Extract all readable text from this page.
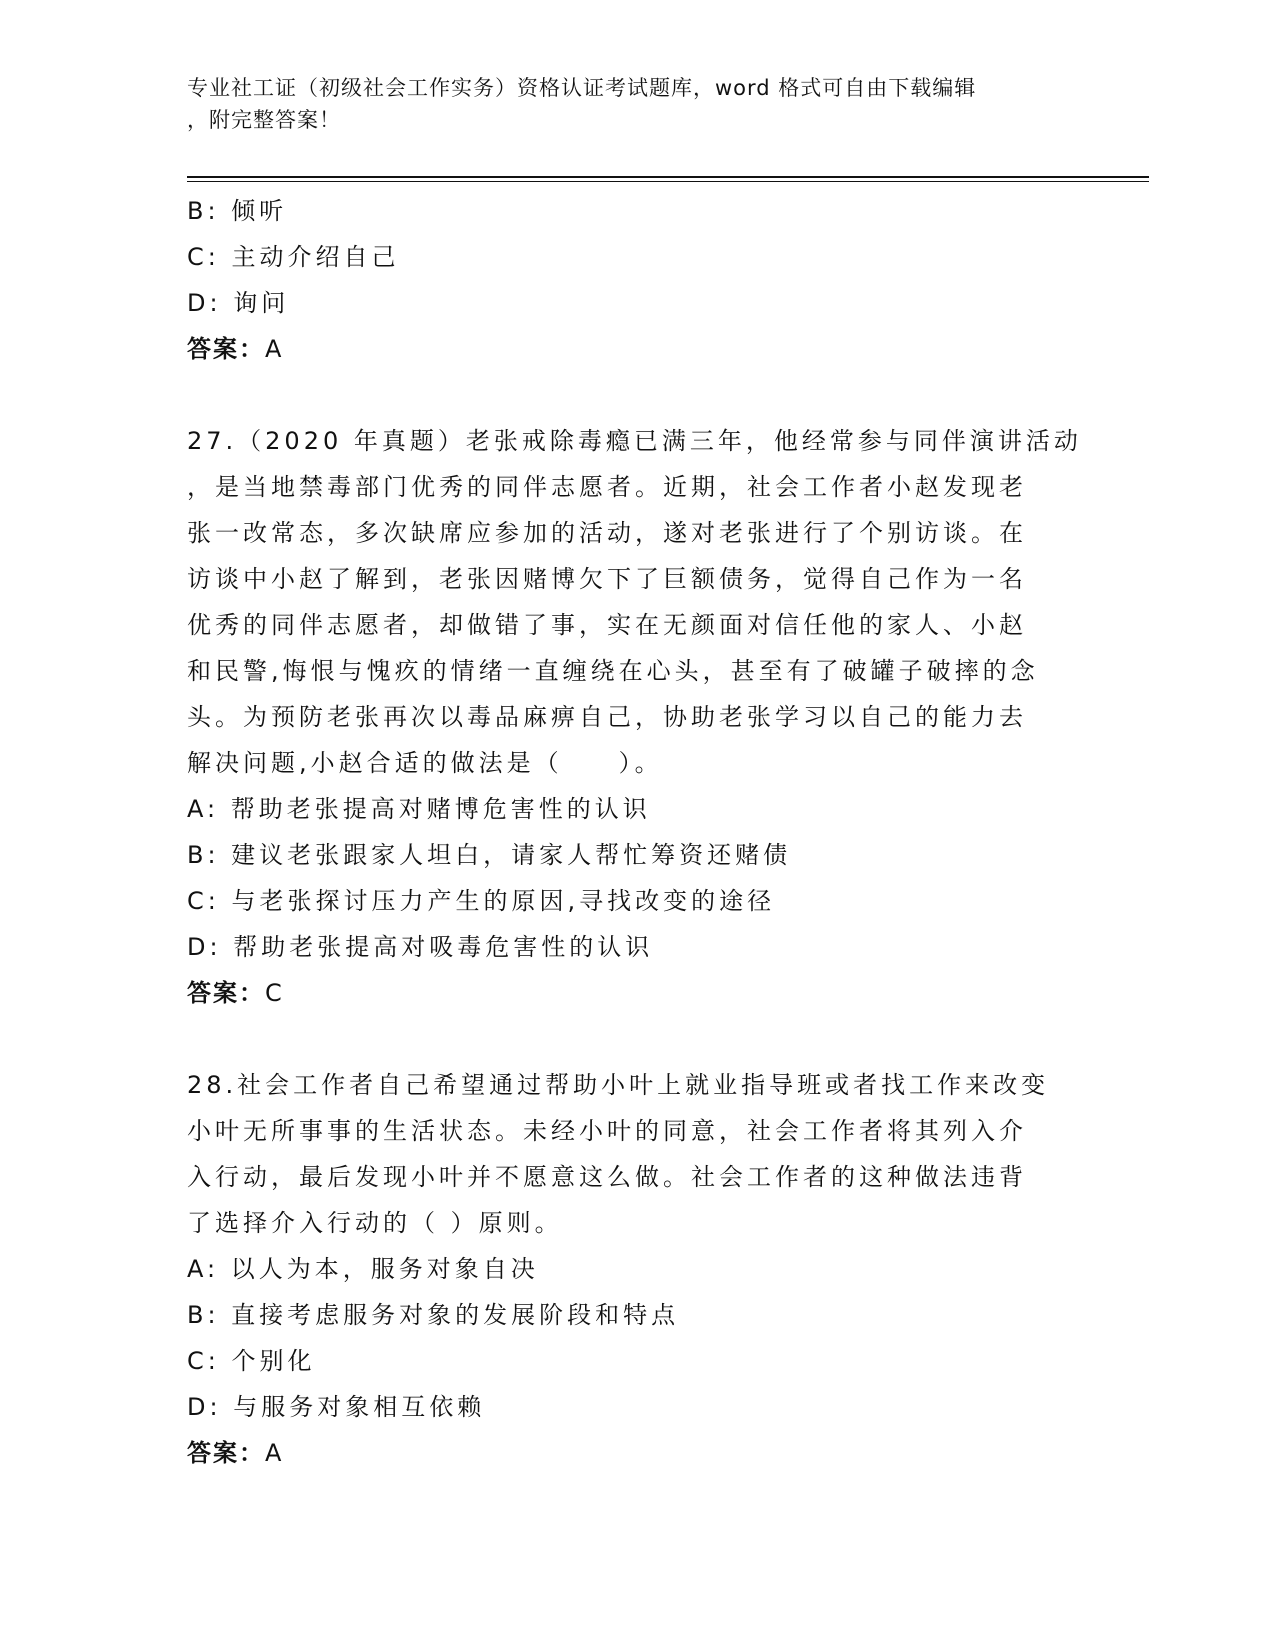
专业社工证（初级社会工作实务）资格认证考试题库，word 格式可自由下载编辑
，附完整答案！
B: 倾听
C: 主动介绍自己
D: 询问
答案：A
27.（2020 年真题）老张戒除毒瘾已满三年，他经常参与同伴演讲活动
，是当地禁毒部门优秀的同伴志愿者。近期，社会工作者小赵发现老
张一改常态，多次缺席应参加的活动，遂对老张进行了个别访谈。在
访谈中小赵了解到，老张因赌博欠下了巨额债务，觉得自己作为一名
优秀的同伴志愿者，却做错了事，实在无颜面对信任他的家人、小赵
和民警,悔恨与愧疚的情绪一直缠绕在心头，甚至有了破罐子破摔的念
头。为预防老张再次以毒品麻痹自己，协助老张学习以自己的能力去
解决问题,小赵合适的做法是（　　）。
A: 帮助老张提高对赌博危害性的认识
B: 建议老张跟家人坦白，请家人帮忙筹资还赌债
C: 与老张探讨压力产生的原因,寻找改变的途径
D: 帮助老张提高对吸毒危害性的认识
答案：C
28.社会工作者自己希望通过帮助小叶上就业指导班或者找工作来改变
小叶无所事事的生活状态。未经小叶的同意，社会工作者将其列入介
入行动，最后发现小叶并不愿意这么做。社会工作者的这种做法违背
了选择介入行动的（ ）原则。
A: 以人为本，服务对象自决
B: 直接考虑服务对象的发展阶段和特点
C: 个别化
D: 与服务对象相互依赖
答案：A
